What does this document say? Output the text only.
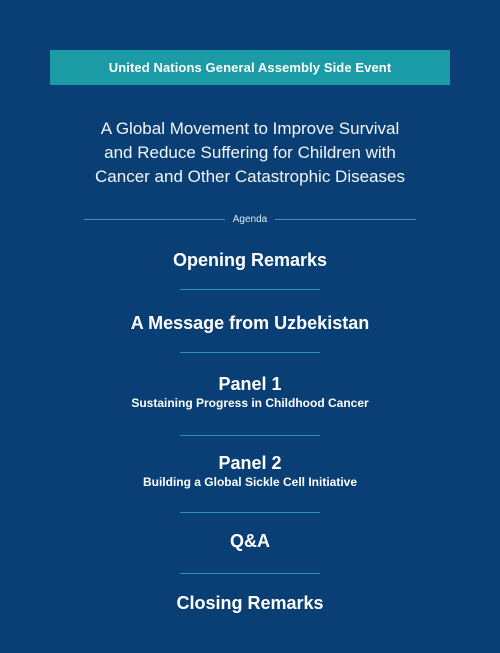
United Nations General Assembly Side Event
A Global Movement to Improve Survival
and Reduce Suffering for Children with
Cancer and Other Catastrophic Diseases
Agenda
Opening Remarks
A Message from Uzbekistan
Panel 1
Sustaining Progress in Childhood Cancer
Panel 2
Building a Global Sickle Cell Initiative
Q&A
Closing Remarks
